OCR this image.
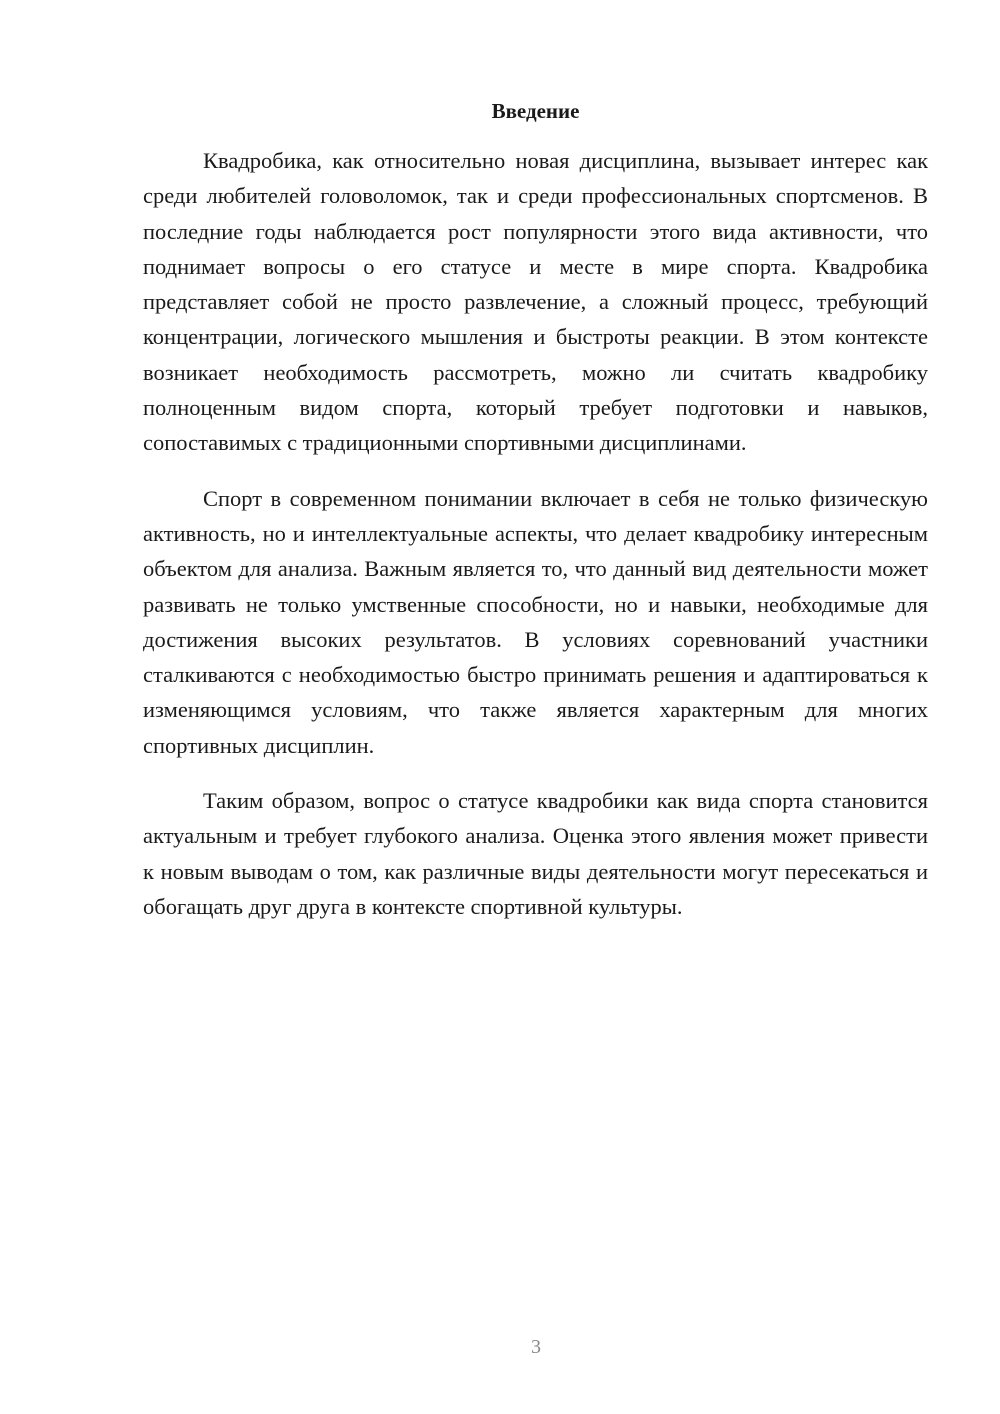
Введение

Квадробика, как относительно новая дисциплина, вызывает интерес как среди любителей головоломок, так и среди профессиональных спортсменов. В последние годы наблюдается рост популярности этого вида активности, что поднимает вопросы о его статусе и месте в мире спорта. Квадробика представляет собой не просто развлечение, а сложный процесс, требующий концентрации, логического мышления и быстроты реакции. В этом контексте возникает необходимость рассмотреть, можно ли считать квадробику полноценным видом спорта, который требует подготовки и навыков, сопоставимых с традиционными спортивными дисциплинами.

Спорт в современном понимании включает в себя не только физическую активность, но и интеллектуальные аспекты, что делает квадробику интересным объектом для анализа. Важным является то, что данный вид деятельности может развивать не только умственные способности, но и навыки, необходимые для достижения высоких результатов. В условиях соревнований участники сталкиваются с необходимостью быстро принимать решения и адаптироваться к изменяющимся условиям, что также является характерным для многих спортивных дисциплин.

Таким образом, вопрос о статусе квадробики как вида спорта становится актуальным и требует глубокого анализа. Оценка этого явления может привести к новым выводам о том, как различные виды деятельности могут пересекаться и обогащать друг друга в контексте спортивной культуры.

3
